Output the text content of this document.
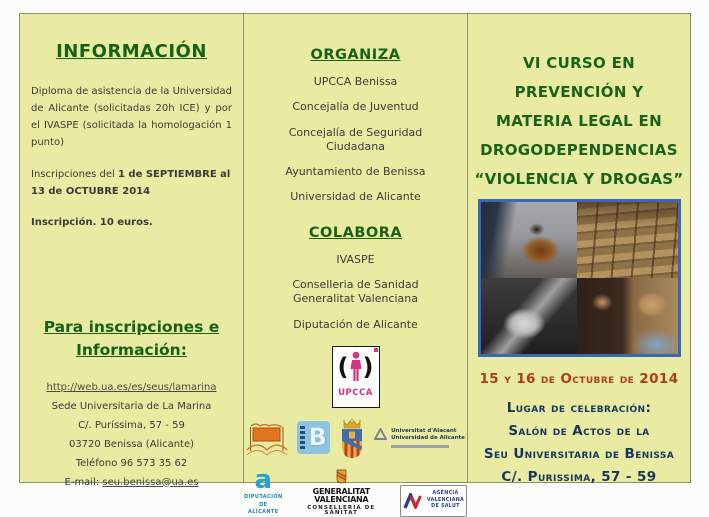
INFORMACIÓN

Diploma de asistencia de la Universidad de Alicante (solicitadas 20h ICE) y por el IVASPE (solicitada la homologación 1 punto)

Inscripciones del 1 de SEPTIEMBRE al 13 de OCTUBRE 2014

Inscripción. 10 euros.

Para inscripciones e Información:
http://web.ua.es/es/seus/lamarina
Sede Universitaria de La Marina
C/. Puríssima, 57 - 59
03720 Benissa (Alicante)
Teléfono 96 573 35 62
E-mail: seu.benissa@ua.es
ORGANIZA
UPCCA Benissa
Concejalía de Juventud
Concejalía de Seguridad Ciudadana
Ayuntamiento de Benissa
Universidad de Alicante
COLABORA
IVASPE
Conselleria de Sanidad Generalitat Valenciana
Diputación de Alicante
( )
UPCCA
B	Universitat d'Alacant
Universidad de Alicante
a
DIPUTACIÓN
DE ALICANTE
GENERALITAT VALENCIANA
CONSELLERIA DE SANITAT
AGÈNCIA
VALENCIANA
DE SALUT
VI CURSO EN
PREVENCIÓN Y
MATERIA LEGAL EN
DROGODEPENDENCIAS
“VIOLENCIA Y DROGAS”
15 y 16 de Octubre de 2014
Lugar de celebración:
Salón de Actos de la
Seu Universitaria de Benissa
C/. Purissima, 57 - 59
